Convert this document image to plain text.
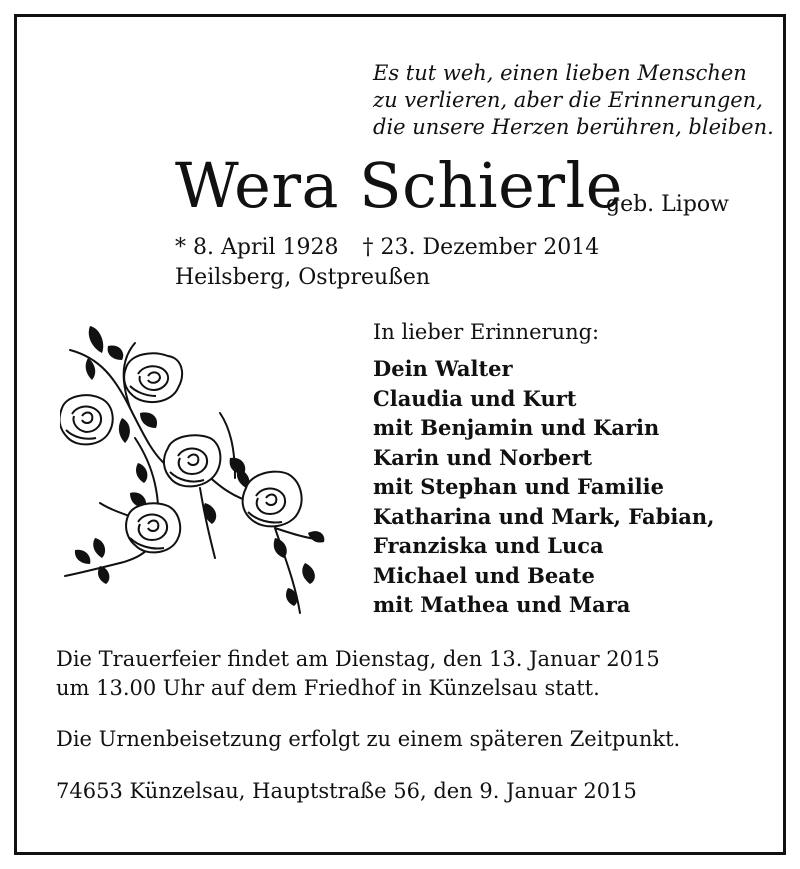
Es tut weh, einen lieben Menschen
zu verlieren, aber die Erinnerungen,
die unsere Herzen berühren, bleiben.
Wera Schierle
geb. Lipow
* 8. April 1928 † 23. Dezember 2014
Heilsberg, Ostpreußen
In lieber Erinnerung:
Dein Walter
Claudia und Kurt
mit Benjamin und Karin
Karin und Norbert
mit Stephan und Familie
Katharina und Mark, Fabian,
Franziska und Luca
Michael und Beate
mit Mathea und Mara
Die Trauerfeier findet am Dienstag, den 13. Januar 2015
um 13.00 Uhr auf dem Friedhof in Künzelsau statt.
Die Urnenbeisetzung erfolgt zu einem späteren Zeitpunkt.
74653 Künzelsau, Hauptstraße 56, den 9. Januar 2015
